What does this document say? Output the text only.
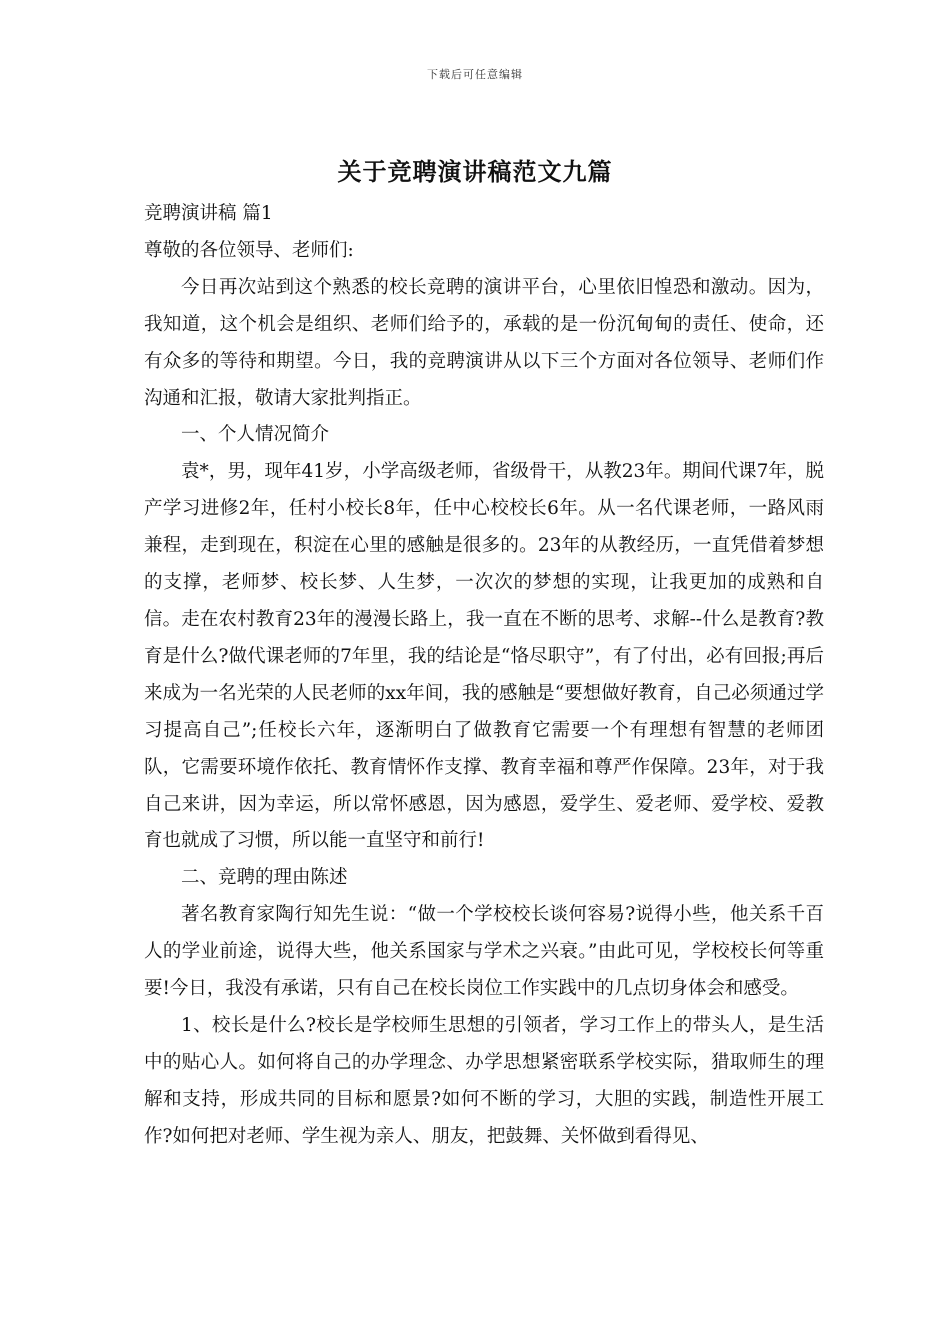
下载后可任意编辑
关于竞聘演讲稿范文九篇

竞聘演讲稿 篇1

尊敬的各位领导、老师们:

今日再次站到这个熟悉的校长竞聘的演讲平台，心里依旧惶恐和激动。因为，我知道，这个机会是组织、老师们给予的，承载的是一份沉甸甸的责任、使命，还有众多的等待和期望。今日，我的竞聘演讲从以下三个方面对各位领导、老师们作沟通和汇报，敬请大家批判指正。

一、个人情况简介

袁*，男，现年41岁，小学高级老师，省级骨干，从教23年。期间代课7年，脱产学习进修2年，任村小校长8年，任中心校校长6年。从一名代课老师，一路风雨兼程，走到现在，积淀在心里的感触是很多的。23年的从教经历，一直凭借着梦想的支撑，老师梦、校长梦、人生梦，一次次的梦想的实现，让我更加的成熟和自信。走在农村教育23年的漫漫长路上，我一直在不断的思考、求解--什么是教育?教育是什么?做代课老师的7年里，我的结论是“恪尽职守”，有了付出，必有回报;再后来成为一名光荣的人民老师的xx年间，我的感触是“要想做好教育，自己必须通过学习提高自己”;任校长六年，逐渐明白了做教育它需要一个有理想有智慧的老师团队，它需要环境作依托、教育情怀作支撑、教育幸福和尊严作保障。23年，对于我自己来讲，因为幸运，所以常怀感恩，因为感恩，爱学生、爱老师、爱学校、爱教育也就成了习惯，所以能一直坚守和前行!

二、竞聘的理由陈述

著名教育家陶行知先生说：“做一个学校校长谈何容易?说得小些，他关系千百人的学业前途，说得大些，他关系国家与学术之兴衰。”由此可见，学校校长何等重要!今日，我没有承诺，只有自己在校长岗位工作实践中的几点切身体会和感受。

1、校长是什么?校长是学校师生思想的引领者，学习工作上的带头人，是生活中的贴心人。如何将自己的办学理念、办学思想紧密联系学校实际，猎取师生的理解和支持，形成共同的目标和愿景?如何不断的学习，大胆的实践，制造性开展工作?如何把对老师、学生视为亲人、朋友，把鼓舞、关怀做到看得见、
